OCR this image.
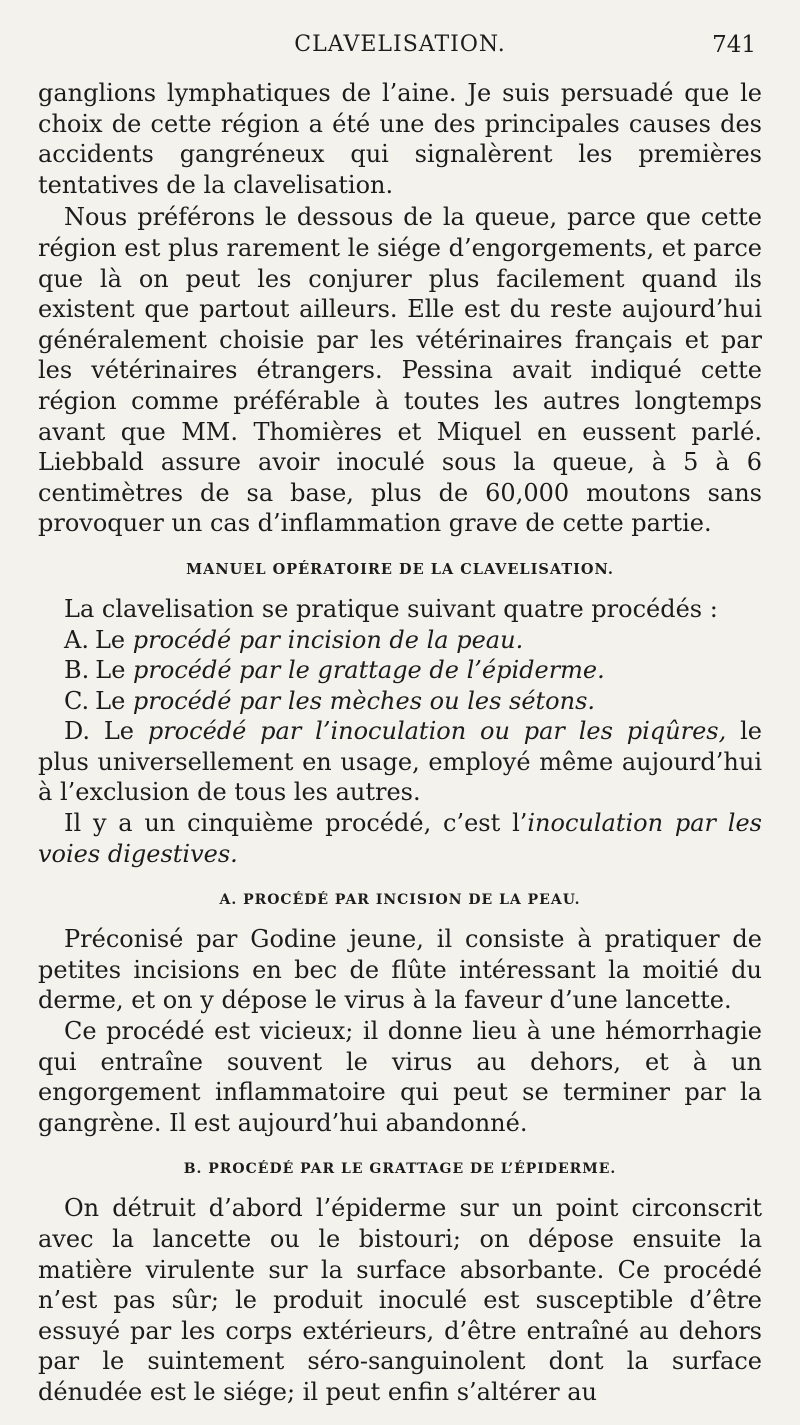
CLAVELISATION.	741

ganglions lymphatiques de l’aine. Je suis persuadé que le choix de cette région a été une des principales causes des accidents gangréneux qui signalèrent les premières tentatives de la clavelisation.

Nous préférons le dessous de la queue, parce que cette région est plus rarement le siége d’engorgements, et parce que là on peut les conjurer plus facilement quand ils existent que partout ailleurs. Elle est du reste aujourd’hui généralement choisie par les vétérinaires français et par les vétérinaires étrangers. Pessina avait indiqué cette région comme préférable à toutes les autres longtemps avant que MM. Thomières et Miquel en eussent parlé. Liebbald assure avoir inoculé sous la queue, à 5 à 6 centimètres de sa base, plus de 60,000 moutons sans provoquer un cas d’inflammation grave de cette partie.

MANUEL OPÉRATOIRE DE LA CLAVELISATION.

La clavelisation se pratique suivant quatre procédés :

A. Le procédé par incision de la peau.

B. Le procédé par le grattage de l’épiderme.

C. Le procédé par les mèches ou les sétons.

D. Le procédé par l’inoculation ou par les piqûres, le plus universellement en usage, employé même aujourd’hui à l’exclusion de tous les autres.

Il y a un cinquième procédé, c’est l’inoculation par les voies digestives.

A. PROCÉDÉ PAR INCISION DE LA PEAU.

Préconisé par Godine jeune, il consiste à pratiquer de petites incisions en bec de flûte intéressant la moitié du derme, et on y dépose le virus à la faveur d’une lancette.

Ce procédé est vicieux; il donne lieu à une hémorrhagie qui entraîne souvent le virus au dehors, et à un engorgement inflammatoire qui peut se terminer par la gangrène. Il est aujourd’hui abandonné.

B. PROCÉDÉ PAR LE GRATTAGE DE L’ÉPIDERME.

On détruit d’abord l’épiderme sur un point circonscrit avec la lancette ou le bistouri; on dépose ensuite la matière virulente sur la surface absorbante. Ce procédé n’est pas sûr; le produit inoculé est susceptible d’être essuyé par les corps extérieurs, d’être entraîné au dehors par le suintement séro-sanguinolent dont la surface dénudée est le siége; il peut enfin s’altérer au
